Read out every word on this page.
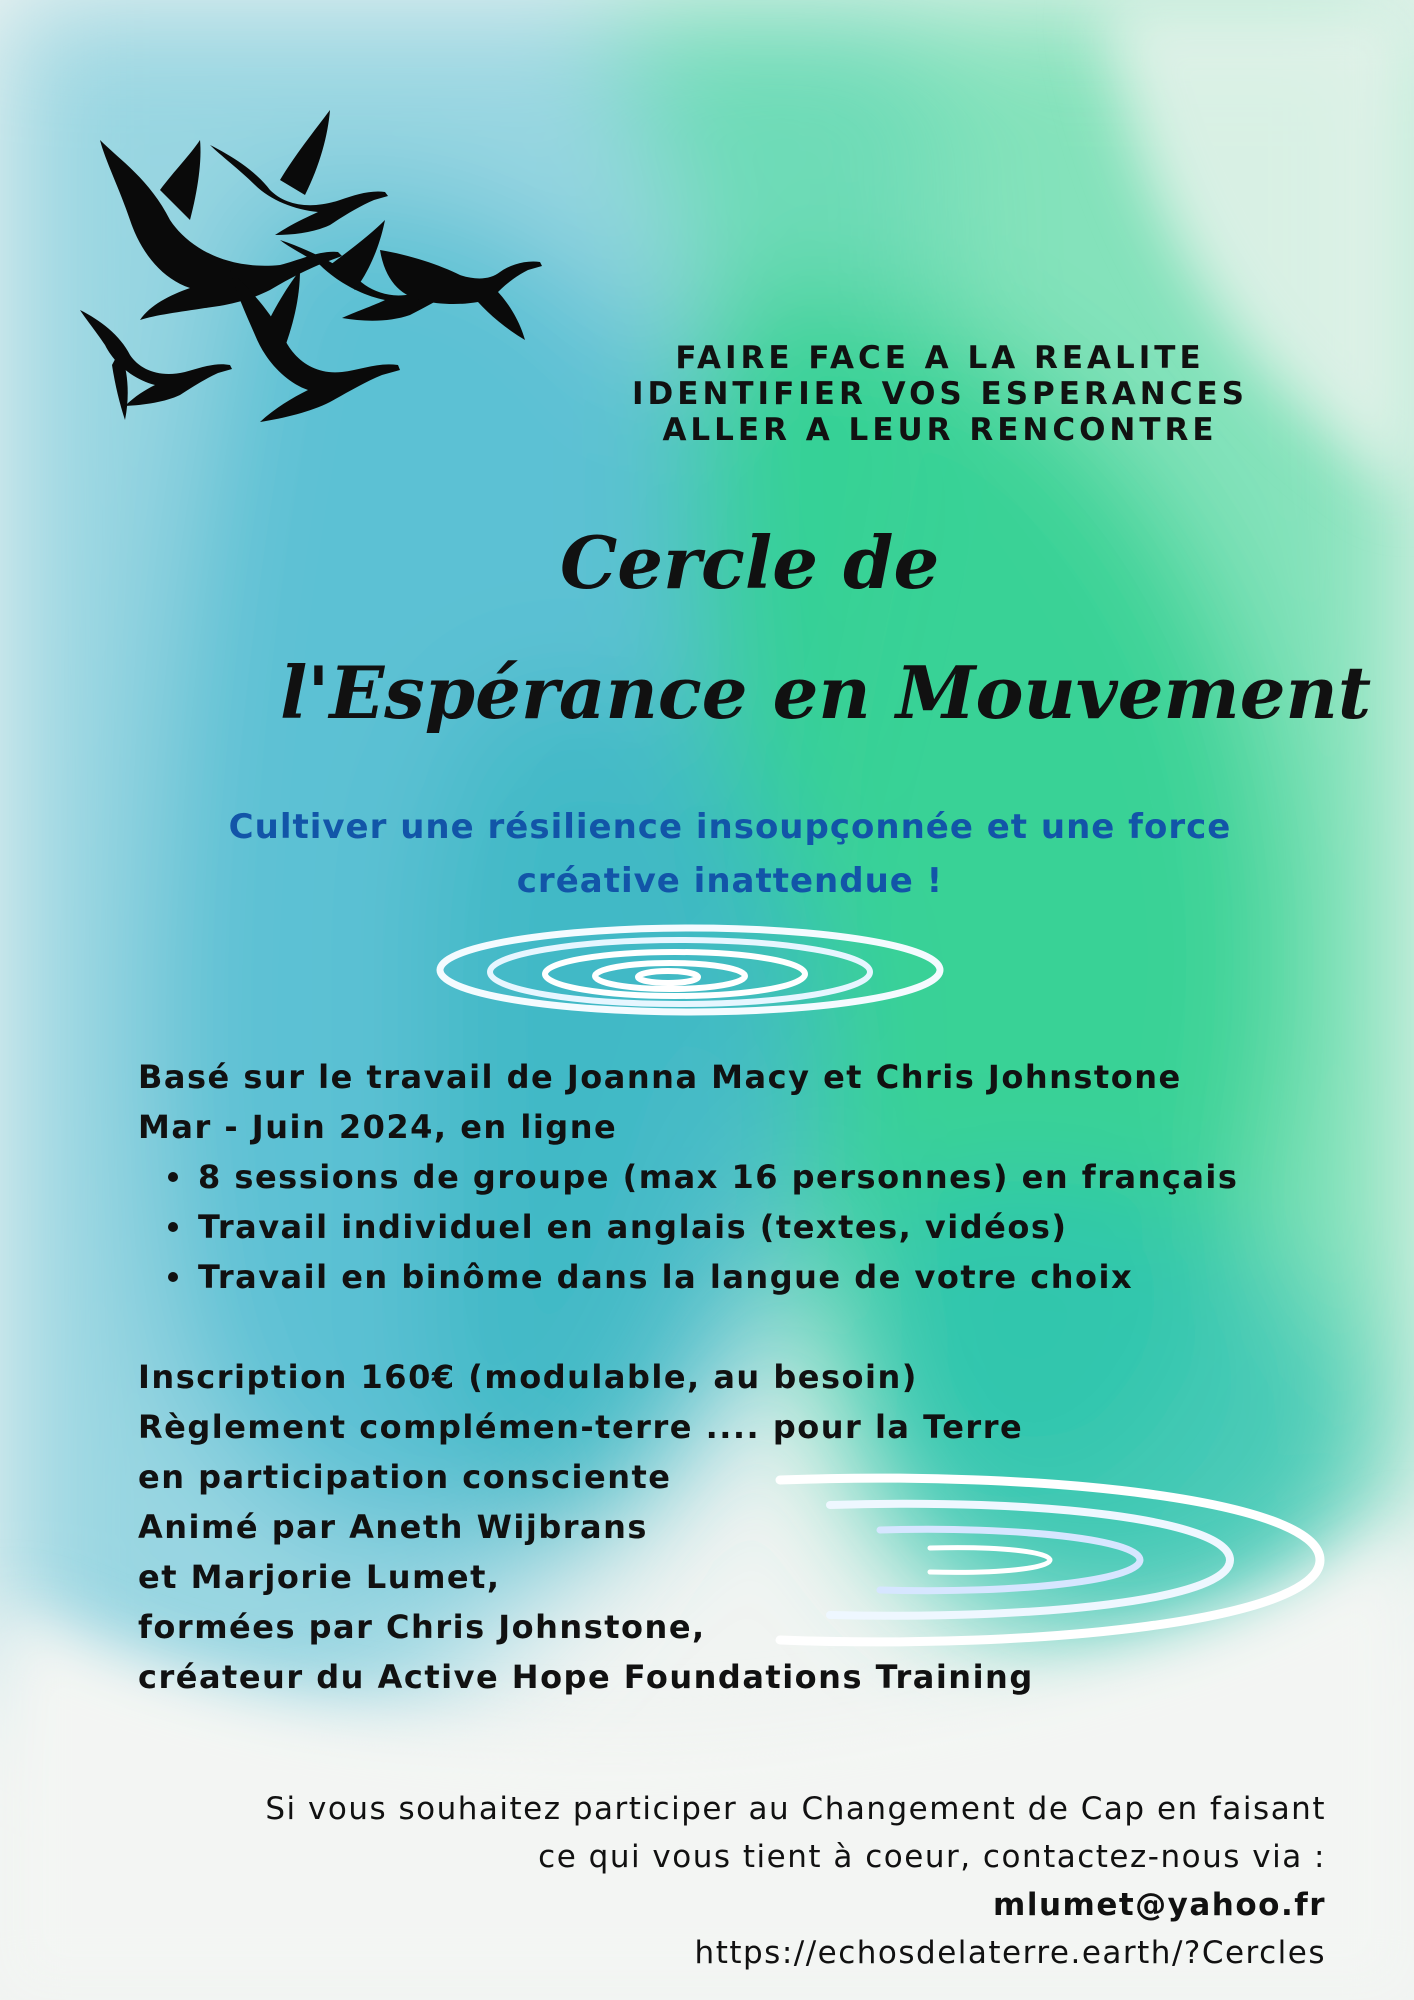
FAIRE FACE A LA REALITE
IDENTIFIER VOS ESPERANCES
ALLER A LEUR RENCONTRE
Cercle de
l'Espérance en Mouvement
Cultiver une résilience insoupçonnée et une force
créative inattendue !
Basé sur le travail de Joanna Macy et Chris Johnstone
Mar - Juin 2024, en ligne
8 sessions de groupe (max 16 personnes) en français
Travail individuel en anglais (textes, vidéos)
Travail en binôme dans la langue de votre choix
Inscription 160€ (modulable, au besoin)
Règlement complémen-terre .... pour la Terre
en participation consciente
Animé par Aneth Wijbrans
et Marjorie Lumet,
formées par Chris Johnstone,
créateur du Active Hope Foundations Training
Si vous souhaitez participer au Changement de Cap en faisant
ce qui vous tient à coeur, contactez-nous via :
mlumet@yahoo.fr
https://echosdelaterre.earth/?Cercles
